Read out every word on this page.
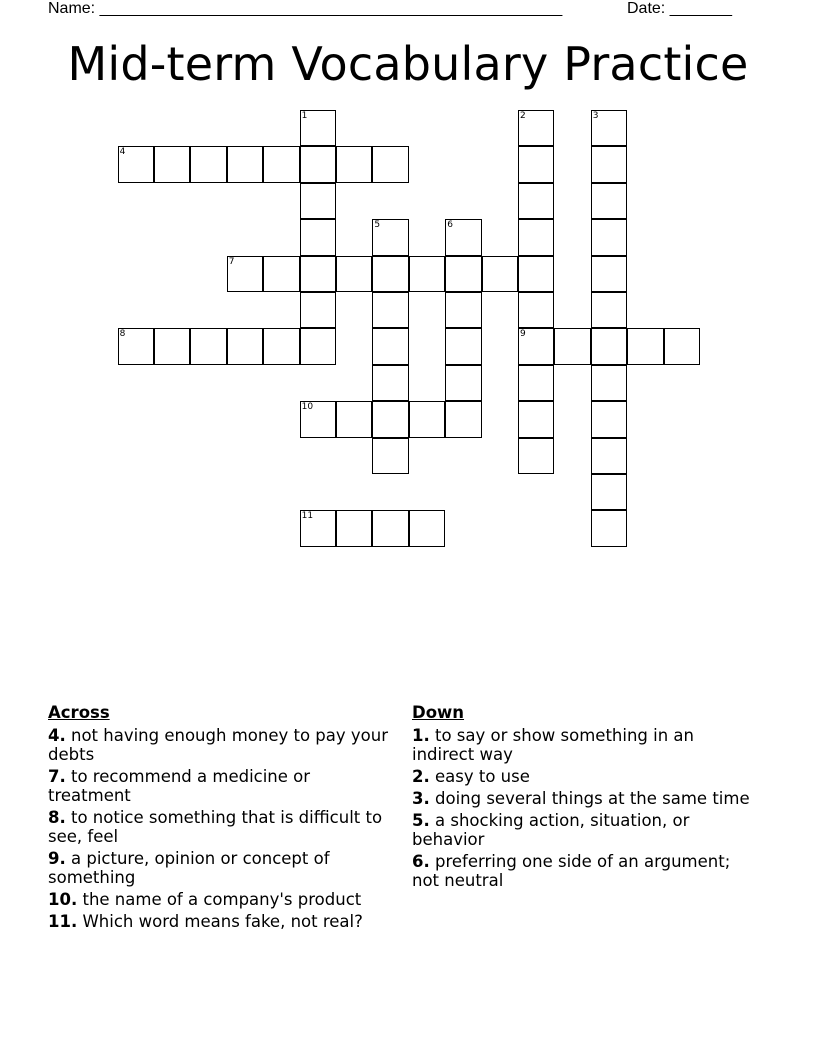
Name: ____________________________________________________	Date: _______
Mid-term Vocabulary Practice
4
7
8	9
10
11
1	2	3
5	6
Across
4. not having enough money to pay your debts
7. to recommend a medicine or treatment
8. to notice something that is difficult to see, feel
9. a picture, opinion or concept of something
10. the name of a company's product
11. Which word means fake, not real?
Down
1. to say or show something in an indirect way
2. easy to use
3. doing several things at the same time
5. a shocking action, situation, or behavior
6. preferring one side of an argument; not neutral
